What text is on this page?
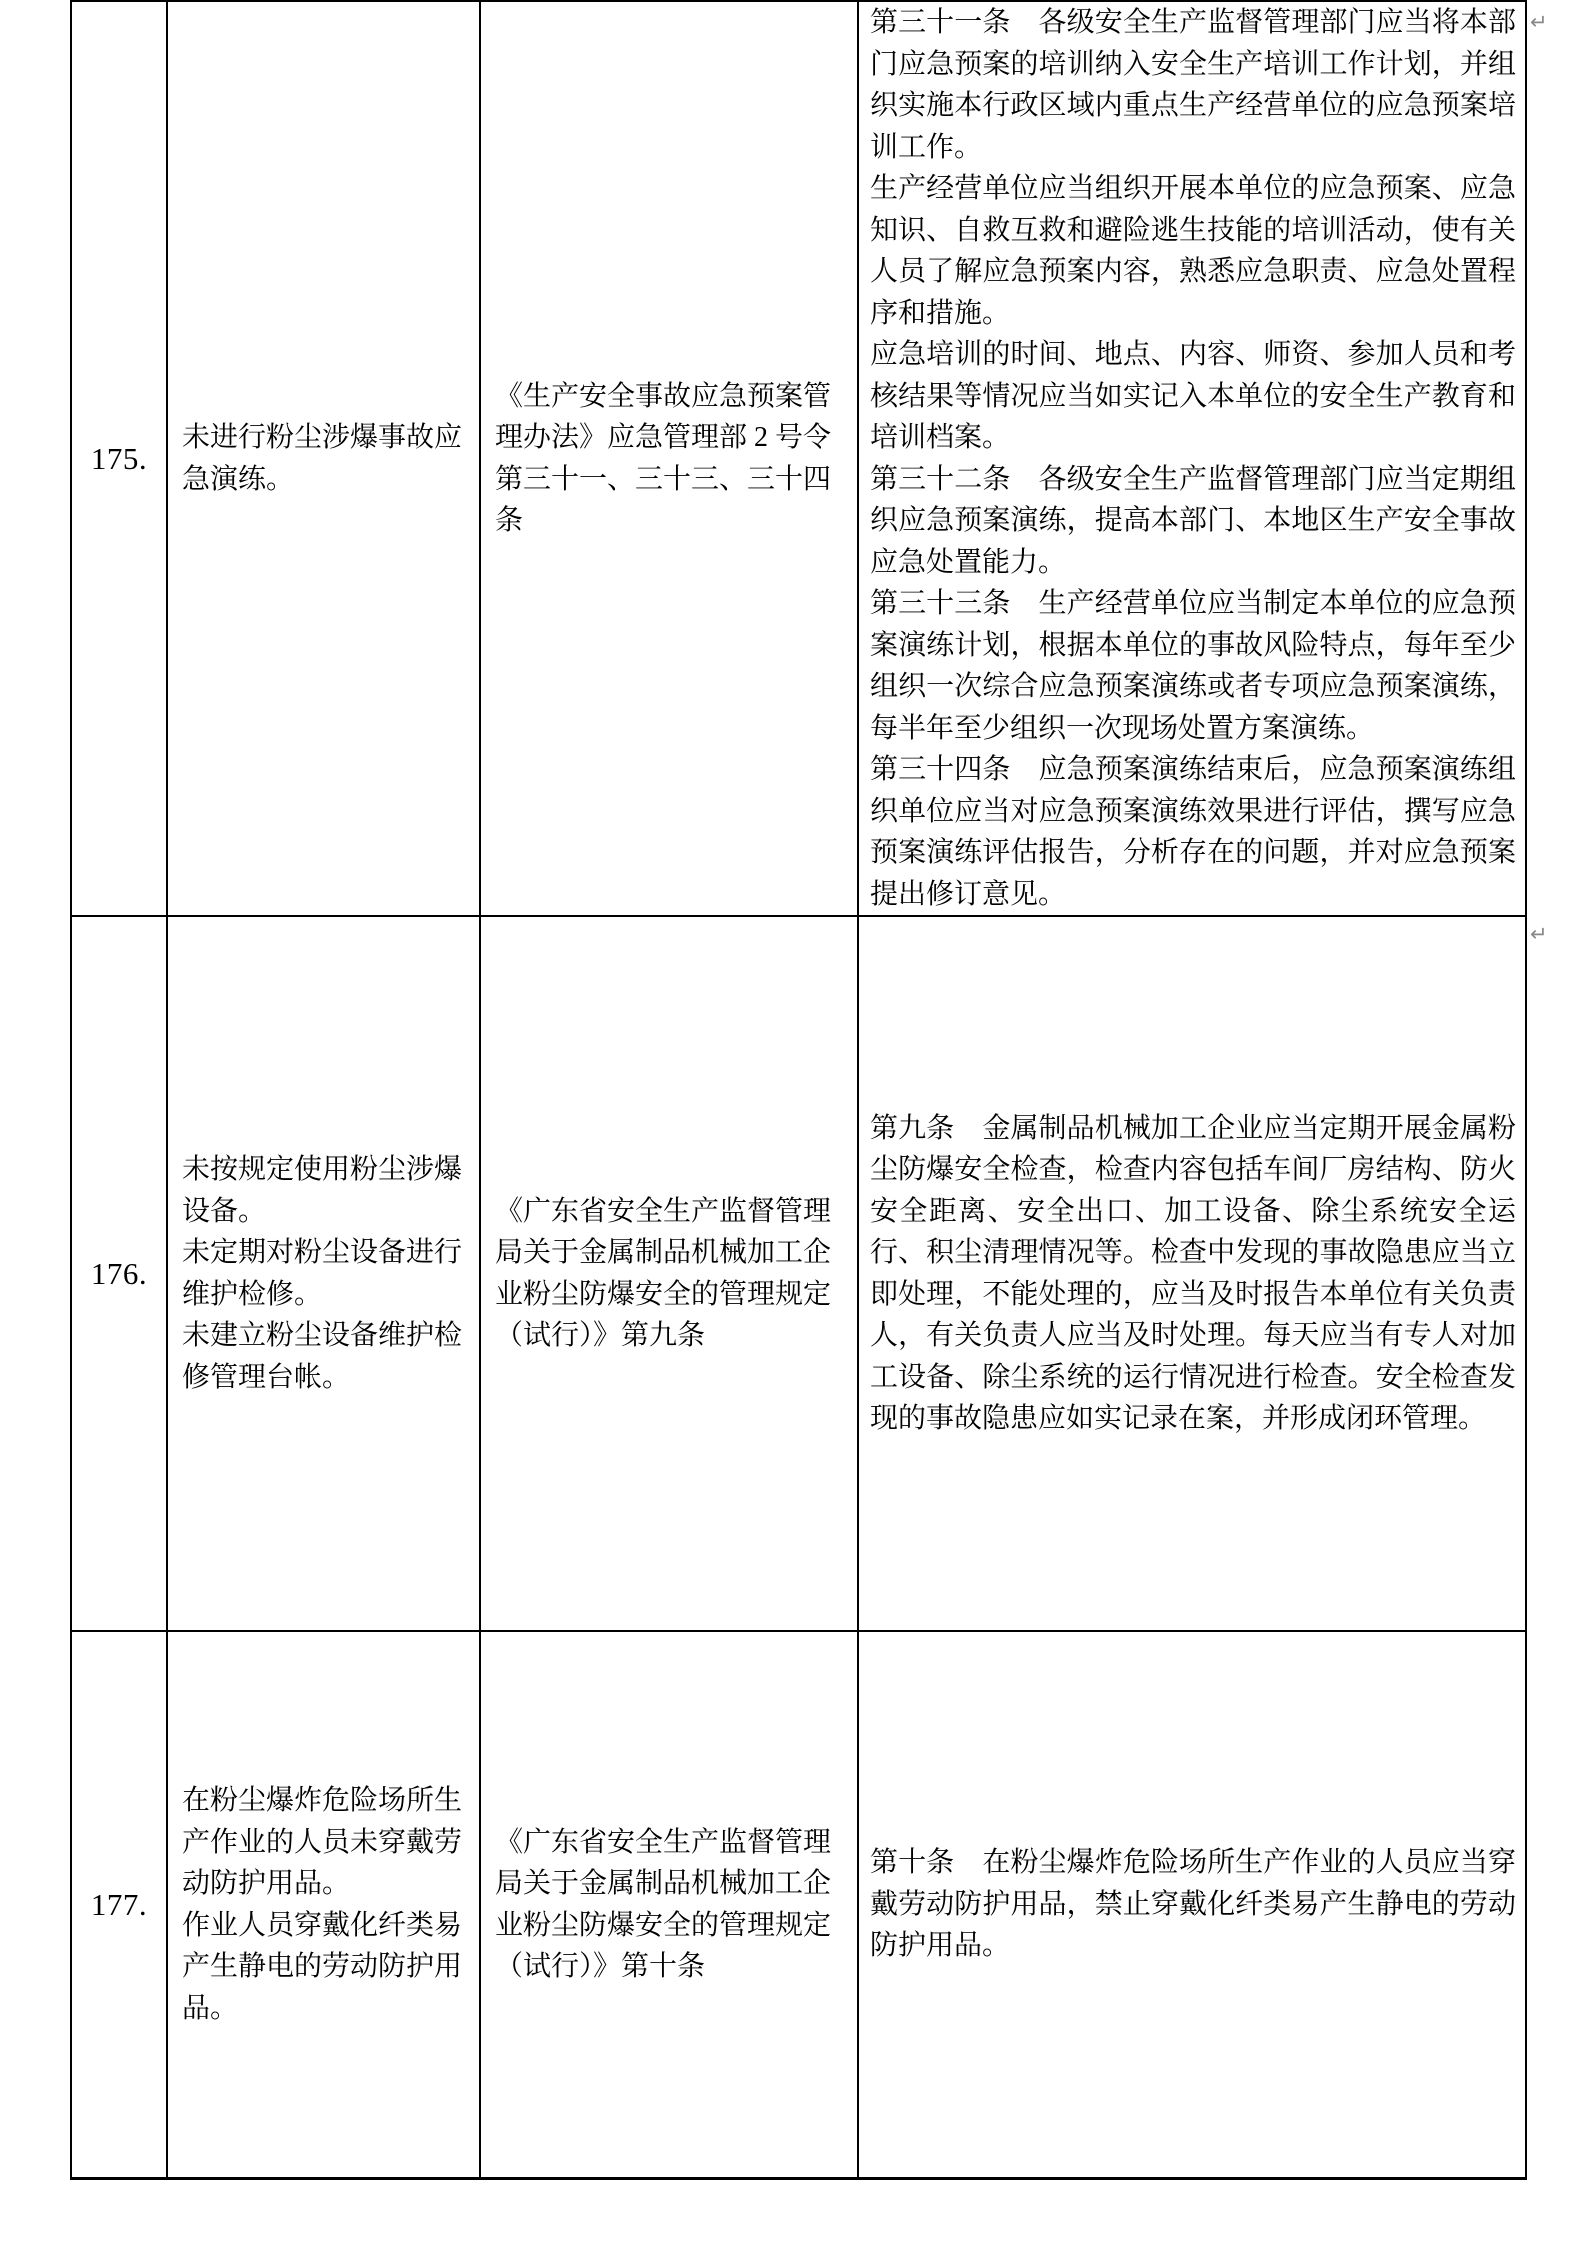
175.

未进行粉尘涉爆事故应急演练。

《生产安全事故应急预案管理办法》应急管理部 2 号令第三十一、三十三、三十四条

第三十一条　各级安全生产监督管理部门应当将本部门应急预案的培训纳入安全生产培训工作计划，并组织实施本行政区域内重点生产经营单位的应急预案培训工作。

生产经营单位应当组织开展本单位的应急预案、应急知识、自救互救和避险逃生技能的培训活动，使有关人员了解应急预案内容，熟悉应急职责、应急处置程序和措施。

应急培训的时间、地点、内容、师资、参加人员和考核结果等情况应当如实记入本单位的安全生产教育和培训档案。

第三十二条　各级安全生产监督管理部门应当定期组织应急预案演练，提高本部门、本地区生产安全事故应急处置能力。

第三十三条　生产经营单位应当制定本单位的应急预案演练计划，根据本单位的事故风险特点，每年至少组织一次综合应急预案演练或者专项应急预案演练，每半年至少组织一次现场处置方案演练。

第三十四条　应急预案演练结束后，应急预案演练组织单位应当对应急预案演练效果进行评估，撰写应急预案演练评估报告，分析存在的问题，并对应急预案提出修订意见。

176.

未按规定使用粉尘涉爆设备。

未定期对粉尘设备进行维护检修。

未建立粉尘设备维护检修管理台帐。

《广东省安全生产监督管理局关于金属制品机械加工企业粉尘防爆安全的管理规定（试行）》第九条

第九条　金属制品机械加工企业应当定期开展金属粉尘防爆安全检查，检查内容包括车间厂房结构、防火安全距离、安全出口、加工设备、除尘系统安全运行、积尘清理情况等。检查中发现的事故隐患应当立即处理，不能处理的，应当及时报告本单位有关负责人，有关负责人应当及时处理。每天应当有专人对加工设备、除尘系统的运行情况进行检查。安全检查发现的事故隐患应如实记录在案，并形成闭环管理。

177.

在粉尘爆炸危险场所生产作业的人员未穿戴劳动防护用品。

作业人员穿戴化纤类易产生静电的劳动防护用品。

《广东省安全生产监督管理局关于金属制品机械加工企业粉尘防爆安全的管理规定（试行）》第十条

第十条　在粉尘爆炸危险场所生产作业的人员应当穿戴劳动防护用品，禁止穿戴化纤类易产生静电的劳动防护用品。

↵
↵
